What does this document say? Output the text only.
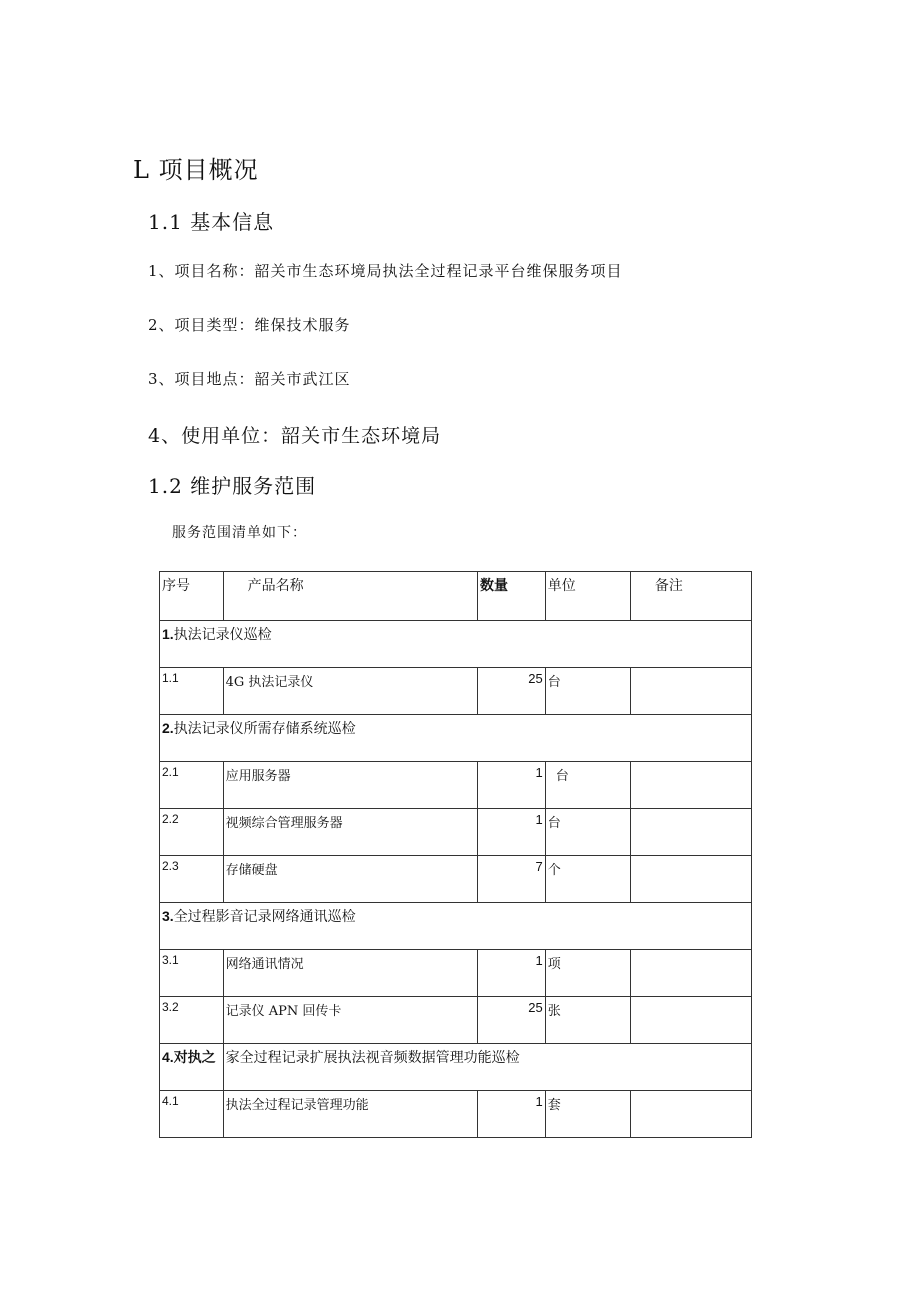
L 项目概况
1.1 基本信息
1、项目名称：韶关市生态环境局执法全过程记录平台维保服务项目
2、项目类型：维保技术服务
3、项目地点：韶关市武江区
4、使用单位：韶关市生态环境局
1.2 维护服务范围
服务范围清单如下：
序号	产品名称	数量	单位	备注
1.执法记录仪巡检				
1.1	4G 执法记录仪	25	台	
2.执法记录仪所需存储系统巡检				
2.1	应用服务器	1	台	
2.2	视频综合管理服务器	1	台	
2.3	存储硬盘	7	个	
3.全过程影音记录网络通讯巡检				
3.1	网络通讯情况	1	项	
3.2	记录仪 APN 回传卡	25	张	
4.对执之	家全过程记录扩展执法视音频数据管理功能巡检			
4.1	执法全过程记录管理功能	1	套	
